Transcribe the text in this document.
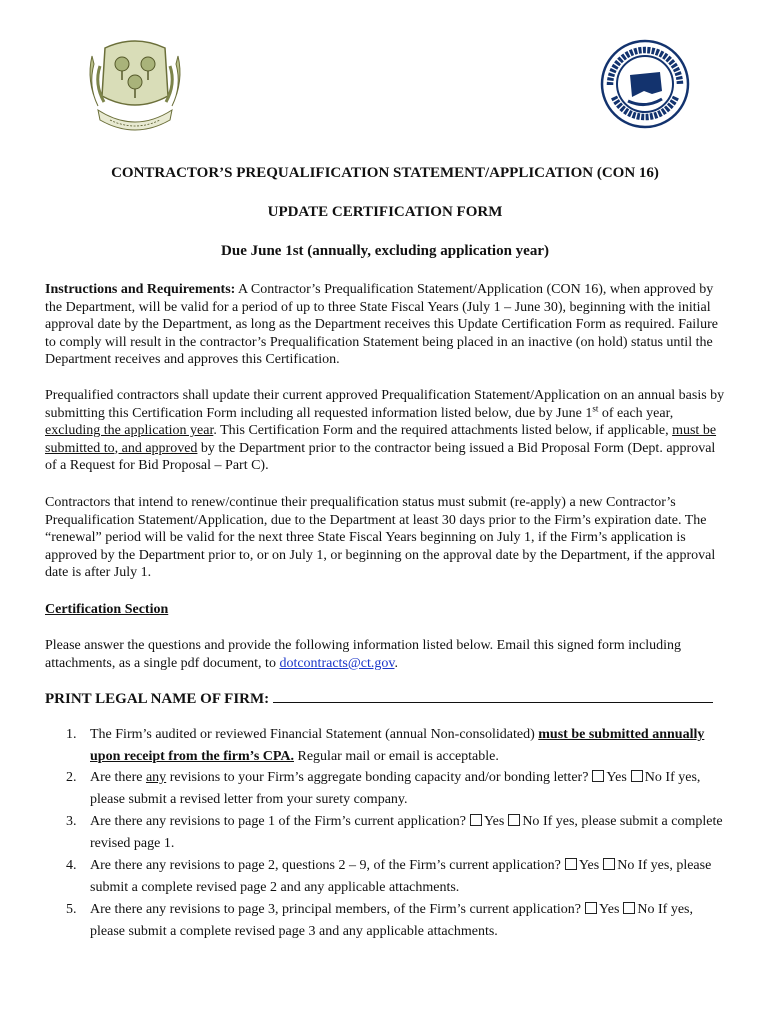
CONTRACTOR’S PREQUALIFICATION STATEMENT/APPLICATION (CON 16)
UPDATE CERTIFICATION FORM
Due June 1st (annually, excluding application year)
Instructions and Requirements: A Contractor’s Prequalification Statement/Application (CON 16), when approved by the Department, will be valid for a period of up to three State Fiscal Years (July 1 – June 30), beginning with the initial approval date by the Department, as long as the Department receives this Update Certification Form as required. Failure to comply will result in the contractor’s Prequalification Statement being placed in an inactive (on hold) status until the Department receives and approves this Certification.
Prequalified contractors shall update their current approved Prequalification Statement/Application on an annual basis by submitting this Certification Form including all requested information listed below, due by June 1st of each year, excluding the application year. This Certification Form and the required attachments listed below, if applicable, must be submitted to, and approved by the Department prior to the contractor being issued a Bid Proposal Form (Dept. approval of a Request for Bid Proposal – Part C).
Contractors that intend to renew/continue their prequalification status must submit (re-apply) a new Contractor’s Prequalification Statement/Application, due to the Department at least 30 days prior to the Firm’s expiration date. The “renewal” period will be valid for the next three State Fiscal Years beginning on July 1, if the Firm’s application is approved by the Department prior to, or on July 1, or beginning on the approval date by the Department, if the approval date is after July 1.
Certification Section
Please answer the questions and provide the following information listed below. Email this signed form including attachments, as a single pdf document, to dotcontracts@ct.gov.
PRINT LEGAL NAME OF FIRM:
1. The Firm’s audited or reviewed Financial Statement (annual Non-consolidated) must be submitted annually upon receipt from the firm’s CPA. Regular mail or email is acceptable.
2. Are there any revisions to your Firm’s aggregate bonding capacity and/or bonding letter? Yes No If yes, please submit a revised letter from your surety company.
3. Are there any revisions to page 1 of the Firm’s current application? Yes No If yes, please submit a complete revised page 1.
4. Are there any revisions to page 2, questions 2 – 9, of the Firm’s current application? Yes No If yes, please submit a complete revised page 2 and any applicable attachments.
5. Are there any revisions to page 3, principal members, of the Firm’s current application? Yes No If yes, please submit a complete revised page 3 and any applicable attachments.
